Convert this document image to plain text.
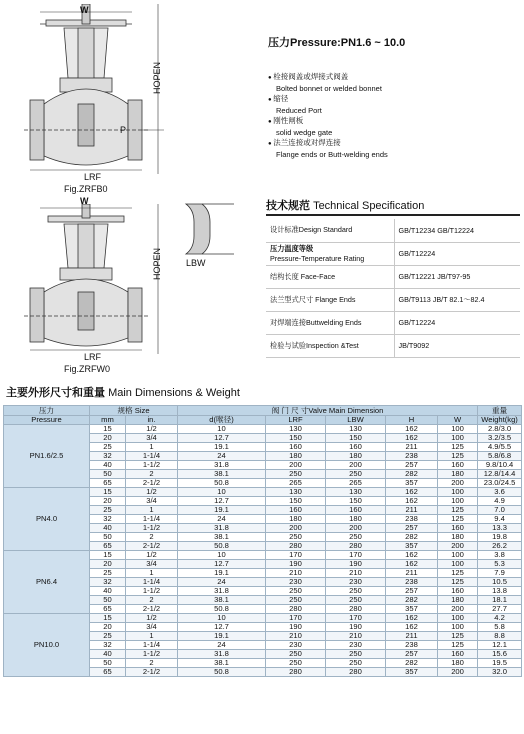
W
HOPEN
P
LRF
Fig.ZRFB0
W
HOPEN
LRF
Fig.ZRFW0
LBW
压力Pressure:PN1.6 ~ 10.0
● 栓接阀盖或焊接式阀盖
Bolted bonnet or welded bonnet
● 缩径
Reduced Port
● 刚性闸板
solid wedge gate
● 法兰连接或对焊连接
Flange ends or Butt-welding ends
技术规范 Technical Specification
设计标准Design Standard	GB/T12234 GB/T12224

压力温度等级
Pressure-Temperature Rating	GB/T12224
结构长度 Face-Face	GB/T12221 JB/T97-95
法兰型式尺寸 Flange Ends	GB/T9113 JB/T 82.1～82.4
对焊端连接Buttwelding Ends	GB/T12224
检验与试验Inspection &Test	JB/T9092
主要外形尺寸和重量 Main Dimensions & Weight
压力	规格 Size		阀 门 尺 寸Valve Main Dimension					重量
Pressure	mm	in.	d(喉径)	LRF	LBW	H	W	Weight(kg)
PN1.6/2.5	15	1/2	10	130	130	162	100	2.8/3.0
	20	3/4	12.7	150	150	162	100	3.2/3.5
	25	1	19.1	160	160	211	125	4.9/5.5
	32	1-1/4	24	180	180	238	125	5.8/6.8
	40	1-1/2	31.8	200	200	257	160	9.8/10.4
	50	2	38.1	250	250	282	180	12.8/14.4
	65	2-1/2	50.8	265	265	357	200	23.0/24.5
PN4.0	15	1/2	10	130	130	162	100	3.6
	20	3/4	12.7	150	150	162	100	4.9
	25	1	19.1	160	160	211	125	7.0
	32	1-1/4	24	180	180	238	125	9.4
	40	1-1/2	31.8	200	200	257	160	13.3
	50	2	38.1	250	250	282	180	19.8
	65	2-1/2	50.8	280	280	357	200	26.2
PN6.4	15	1/2	10	170	170	162	100	3.8
	20	3/4	12.7	190	190	162	100	5.3
	25	1	19.1	210	210	211	125	7.9
	32	1-1/4	24	230	230	238	125	10.5
	40	1-1/2	31.8	250	250	257	160	13.8
	50	2	38.1	250	250	282	180	18.1
	65	2-1/2	50.8	280	280	357	200	27.7
PN10.0	15	1/2	10	170	170	162	100	4.2
	20	3/4	12.7	190	190	162	100	5.8
	25	1	19.1	210	210	211	125	8.8
	32	1-1/4	24	230	230	238	125	12.1
	40	1-1/2	31.8	250	250	257	160	15.6
	50	2	38.1	250	250	282	180	19.5
	65	2-1/2	50.8	280	280	357	200	32.0
